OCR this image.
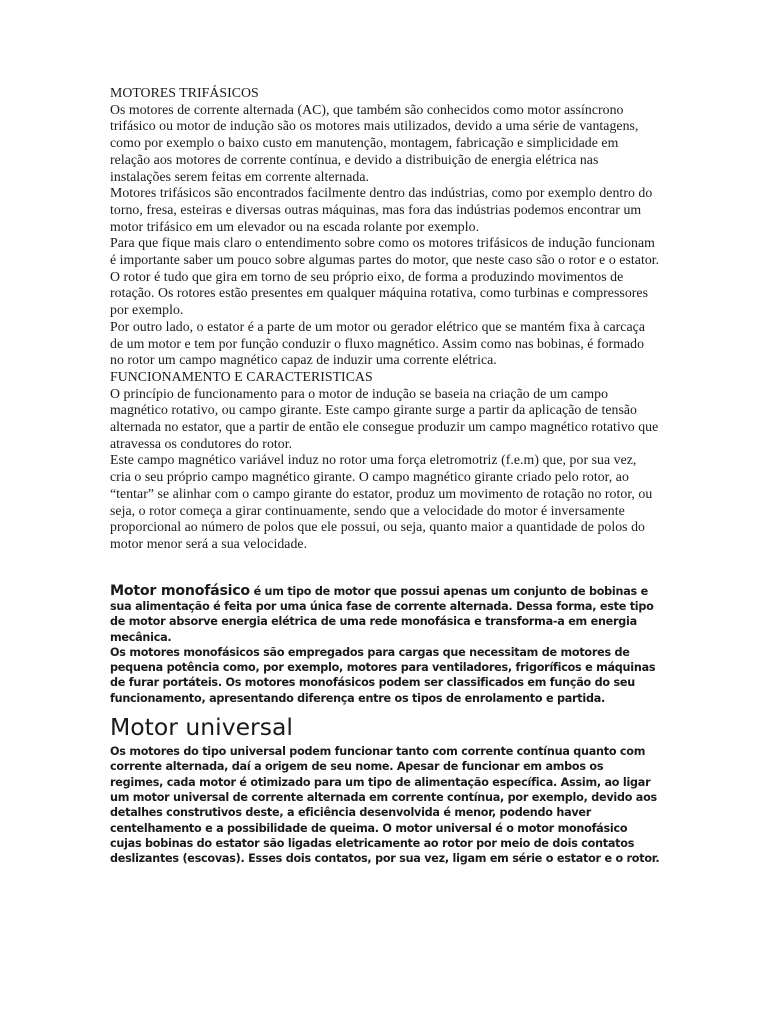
MOTORES TRIFÁSICOS

Os motores de corrente alternada (AC), que também são conhecidos como motor assíncrono trifásico ou motor de indução são os motores mais utilizados, devido a uma série de vantagens, como por exemplo o baixo custo em manutenção, montagem, fabricação e simplicidade em relação aos motores de corrente contínua, e devido a distribuição de energia elétrica nas instalações serem feitas em corrente alternada.

Motores trifásicos são encontrados facilmente dentro das indústrias, como por exemplo dentro do torno, fresa, esteiras e diversas outras máquinas, mas fora das indústrias podemos encontrar um motor trifásico em um elevador ou na escada rolante por exemplo.

Para que fique mais claro o entendimento sobre como os motores trifásicos de indução funcionam é importante saber um pouco sobre algumas partes do motor, que neste caso são o rotor e o estator.

O rotor é tudo que gira em torno de seu próprio eixo, de forma a produzindo movimentos de rotação. Os rotores estão presentes em qualquer máquina rotativa, como turbinas e compressores por exemplo.

Por outro lado, o estator é a parte de um motor ou gerador elétrico que se mantém fixa à carcaça de um motor e tem por função conduzir o fluxo magnético. Assim como nas bobinas, é formado no rotor um campo magnético capaz de induzir uma corrente elétrica.

FUNCIONAMENTO E CARACTERISTICAS

O princípio de funcionamento para o motor de indução se baseia na criação de um campo magnético rotativo, ou campo girante. Este campo girante surge a partir da aplicação de tensão alternada no estator, que a partir de então ele consegue produzir um campo magnético rotativo que atravessa os condutores do rotor.

Este campo magnético variável induz no rotor uma força eletromotriz (f.e.m) que, por sua vez, cria o seu próprio campo magnético girante. O campo magnético girante criado pelo rotor, ao “tentar” se alinhar com o campo girante do estator, produz um movimento de rotação no rotor, ou seja, o rotor começa a girar continuamente, sendo que a velocidade do motor é inversamente proporcional ao número de polos que ele possui, ou seja, quanto maior a quantidade de polos do motor menor será a sua velocidade.

Motor monofásico é um tipo de motor que possui apenas um conjunto de bobinas e sua alimentação é feita por uma única fase de corrente alternada. Dessa forma, este tipo de motor absorve energia elétrica de uma rede monofásica e transforma-a em energia mecânica.

Os motores monofásicos são empregados para cargas que necessitam de motores de pequena potência como, por exemplo, motores para ventiladores, frigoríficos e máquinas de furar portáteis. Os motores monofásicos podem ser classificados em função do seu funcionamento, apresentando diferença entre os tipos de enrolamento e partida.

Motor universal

Os motores do tipo universal podem funcionar tanto com corrente contínua quanto com corrente alternada, daí a origem de seu nome. Apesar de funcionar em ambos os regimes, cada motor é otimizado para um tipo de alimentação específica. Assim, ao ligar um motor universal de corrente alternada em corrente contínua, por exemplo, devido aos detalhes construtivos deste, a eficiência desenvolvida é menor, podendo haver centelhamento e a possibilidade de queima. O motor universal é o motor monofásico cujas bobinas do estator são ligadas eletricamente ao rotor por meio de dois contatos deslizantes (escovas). Esses dois contatos, por sua vez, ligam em série o estator e o rotor.
